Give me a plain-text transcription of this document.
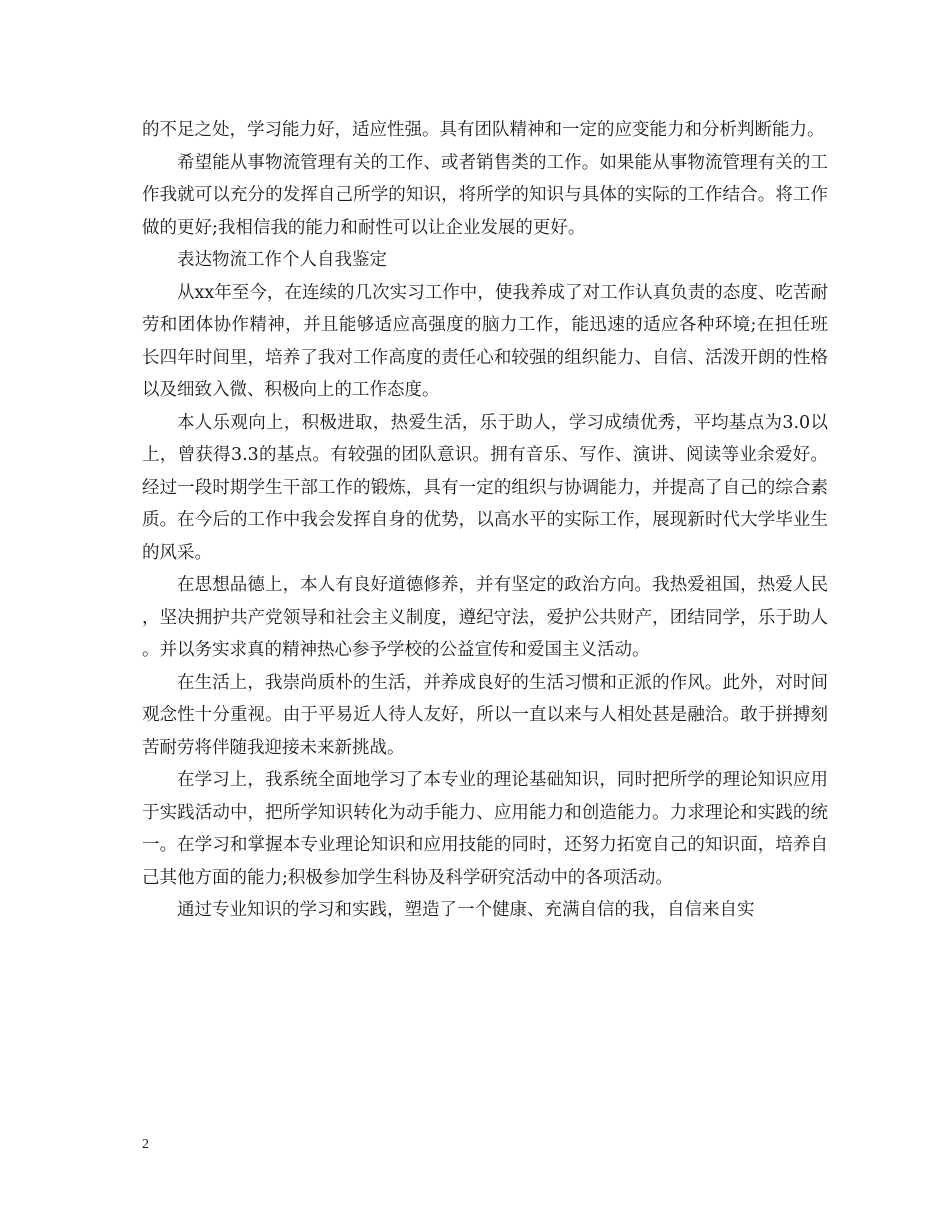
的不足之处，学习能力好，适应性强。具有团队精神和一定的应变能力和分析判断能力。

希望能从事物流管理有关的工作、或者销售类的工作。如果能从事物流管理有关的工作我就可以充分的发挥自己所学的知识，将所学的知识与具体的实际的工作结合。将工作做的更好;我相信我的能力和耐性可以让企业发展的更好。

表达物流工作个人自我鉴定

从xx年至今，在连续的几次实习工作中，使我养成了对工作认真负责的态度、吃苦耐劳和团体协作精神，并且能够适应高强度的脑力工作，能迅速的适应各种环境;在担任班长四年时间里，培养了我对工作高度的责任心和较强的组织能力、自信、活泼开朗的性格以及细致入微、积极向上的工作态度。

本人乐观向上，积极进取，热爱生活，乐于助人，学习成绩优秀，平均基点为3.0以上，曾获得3.3的基点。有较强的团队意识。拥有音乐、写作、演讲、阅读等业余爱好。经过一段时期学生干部工作的锻炼，具有一定的组织与协调能力，并提高了自己的综合素质。在今后的工作中我会发挥自身的优势，以高水平的实际工作，展现新时代大学毕业生的风采。

在思想品德上，本人有良好道德修养，并有坚定的政治方向。我热爱祖国，热爱人民，坚决拥护共产党领导和社会主义制度，遵纪守法，爱护公共财产，团结同学，乐于助人。并以务实求真的精神热心参予学校的公益宣传和爱国主义活动。

在生活上，我崇尚质朴的生活，并养成良好的生活习惯和正派的作风。此外，对时间观念性十分重视。由于平易近人待人友好，所以一直以来与人相处甚是融洽。敢于拼搏刻苦耐劳将伴随我迎接未来新挑战。

在学习上，我系统全面地学习了本专业的理论基础知识，同时把所学的理论知识应用于实践活动中，把所学知识转化为动手能力、应用能力和创造能力。力求理论和实践的统一。在学习和掌握本专业理论知识和应用技能的同时，还努力拓宽自己的知识面，培养自己其他方面的能力;积极参加学生科协及科学研究活动中的各项活动。

通过专业知识的学习和实践，塑造了一个健康、充满自信的我，自信来自实

2
